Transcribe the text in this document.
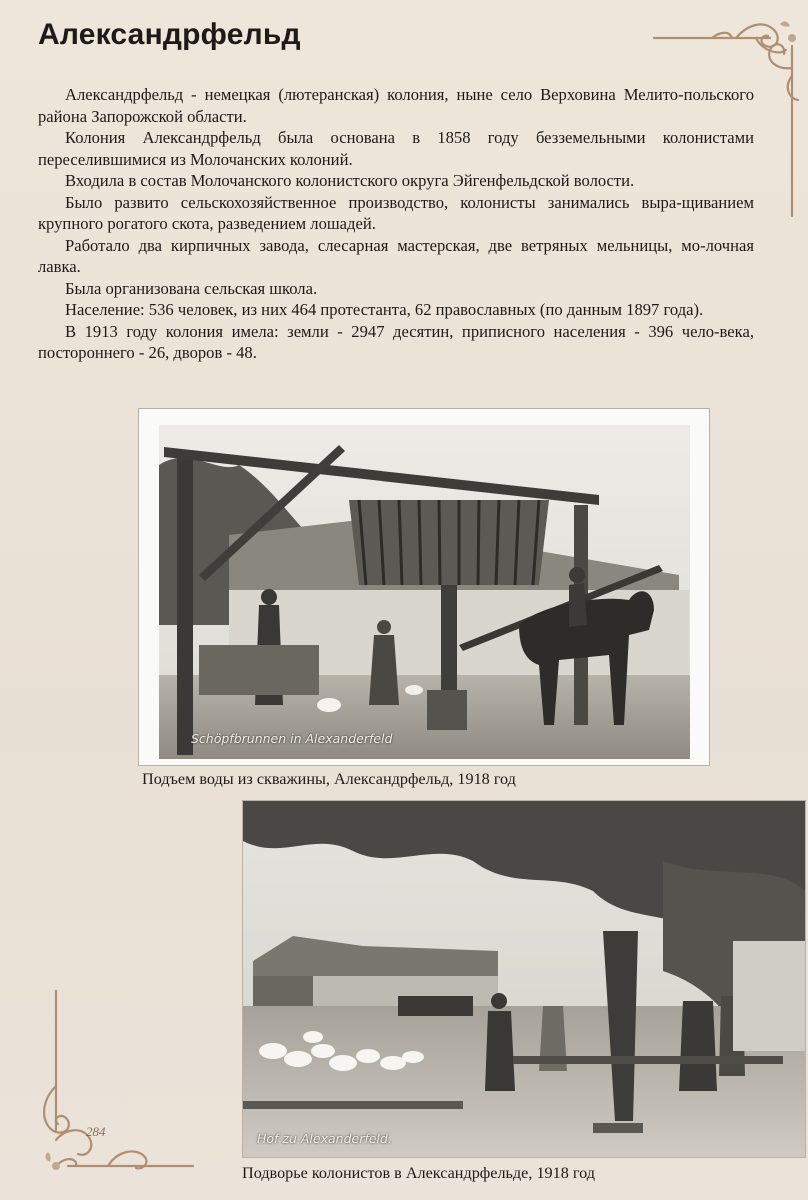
Александрфельд

Александрфельд - немецкая (лютеранская) колония, ныне село Верховина Мелито-польского района Запорожской области.

Колония Александрфельд была основана в 1858 году безземельными колонистами переселившимися из Молочанских колоний.

Входила в состав Молочанского колонистского округа Эйгенфельдской волости.

Было развито сельскохозяйственное производство, колонисты занимались выра-щиванием крупного рогатого скота, разведением лошадей.

Работало два кирпичных завода, слесарная мастерская, две ветряных мельницы, мо-лочная лавка.

Была организована сельская школа.

Население: 536 человек, из них 464 протестанта, 62 православных (по данным 1897 года).

В 1913 году колония имела: земли - 2947 десятин, приписного населения - 396 чело-века, постороннего - 26, дворов - 48.

Schöpfbrunnen in Alexanderfeld
Подъем воды из скважины, Александрфельд, 1918 год
Hof zu Alexanderfeld.
Подворье колонистов в Александрфельде, 1918 год
284
